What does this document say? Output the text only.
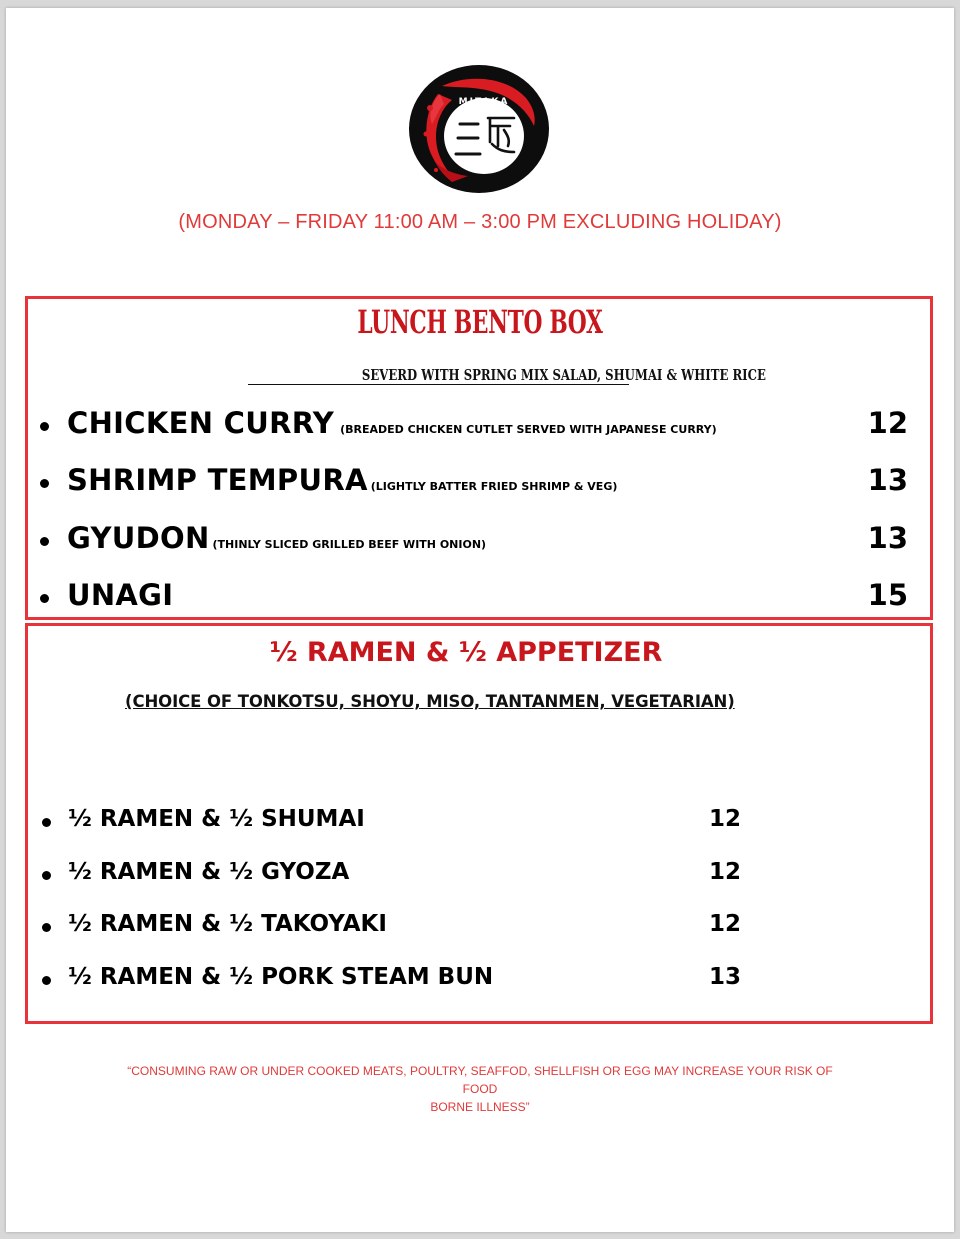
MITAKA
(MONDAY – FRIDAY 11:00 AM – 3:00 PM EXCLUDING HOLIDAY)
LUNCH BENTO BOX
SEVERD WITH SPRING MIX SALAD, SHUMAI & WHITE RICE
CHICKEN CURRY (BREADED CHICKEN CUTLET SERVED WITH JAPANESE CURRY)	12
SHRIMP TEMPURA (LIGHTLY BATTER FRIED SHRIMP & VEG)	13
GYUDON (THINLY SLICED GRILLED BEEF WITH ONION)	13
UNAGI	15
½ RAMEN & ½ APPETIZER
(CHOICE OF TONKOTSU, SHOYU, MISO, TANTANMEN, VEGETARIAN)
½ RAMEN & ½ SHUMAI	12
½ RAMEN & ½ GYOZA	12
½ RAMEN & ½ TAKOYAKI	12
½ RAMEN & ½ PORK STEAM BUN	13
“CONSUMING RAW OR UNDER COOKED MEATS, POULTRY, SEAFFOD, SHELLFISH OR EGG MAY INCREASE YOUR RISK OF FOOD
BORNE ILLNESS”
